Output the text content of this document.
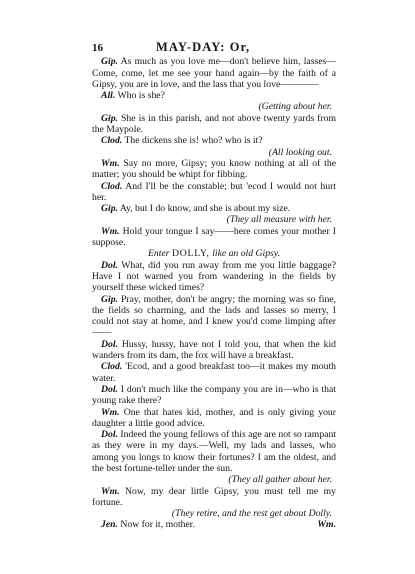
16	MAY-DAY: Or,

Gip. As much as you love me—don't believe him, lasses—Come, come, let me see your hand again—by the faith of a Gipsy, you are in love, and the lass that you love————

All. Who is she?
(Getting about her.

Gip. She is in this parish, and not above twenty yards from the Maypole.

Clod. The dickens she is! who? who is it?
(All looking out.

Wm. Say no more, Gipsy; you know nothing at all of the matter; you should be whipt for fibbing.

Clod. And I'll be the constable; but 'ecod I would not hurt her.

Gip. Ay, but I do know, and she is about my size.
(They all measure with her.

Wm. Hold your tongue I say——here comes your mother I suppose.

Enter DOLLY, like an old Gipsy.

Dol. What, did you run away from me you little baggage? Have I not warned you from wandering in the fields by yourself these wicked times?

Gip. Pray, mother, don't be angry; the morning was so fine, the fields so charming, and the lads and lasses so merry, I could not stay at home, and I knew you'd come limping after——

Dol. Hussy, hussy, have not I told you, that when the kid wanders from its dam, the fox will have a breakfast.

Clod. 'Ecod, and a good breakfast too—it makes my mouth water.

Dol. I don't much like the company you are in—who is that young rake there?

Wm. One that hates kid, mother, and is only giving your daughter a little good advice.

Dol. Indeed the young fellows of this age are not so rampant as they were in my days.—Well, my lads and lasses, who among you longs to know their fortunes? I am the oldest, and the best fortune-teller under the sun.
(They all gather about her.

Wm. Now, my dear little Gipsy, you must tell me my fortune.
(They retire, and the rest get about Dolly.

Jen. Now for it, mother.	Wm.
